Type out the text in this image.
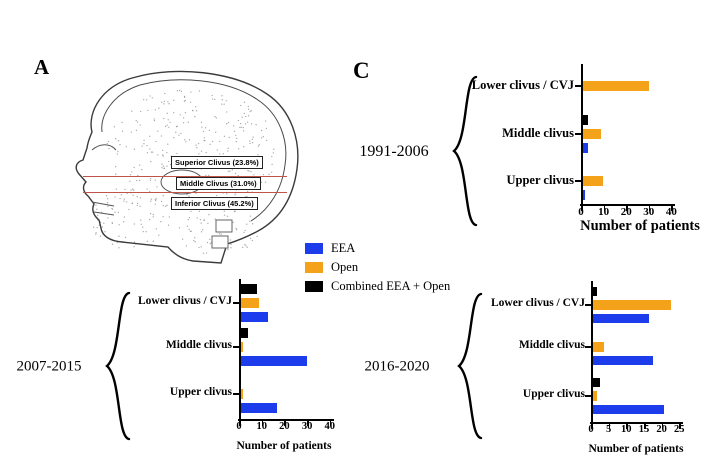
A	C
Superior Clivus (23.8%)
Middle Clivus (31.0%)
Inferior Clivus (45.2%)
EEA
Open
Combined EEA + Open
0	10	20	30	40
Number of patients
Lower clivus / CVJ
Middle clivus
Upper clivus
1991-2006
0	10	20	30	40
Number of patients
Lower clivus / CVJ
Middle clivus
Upper clivus
2007-2015
0	5 10 15 20 25
Number of patients
Lower clivus / CVJ
Middle clivus
Upper clivus
2016-2020
